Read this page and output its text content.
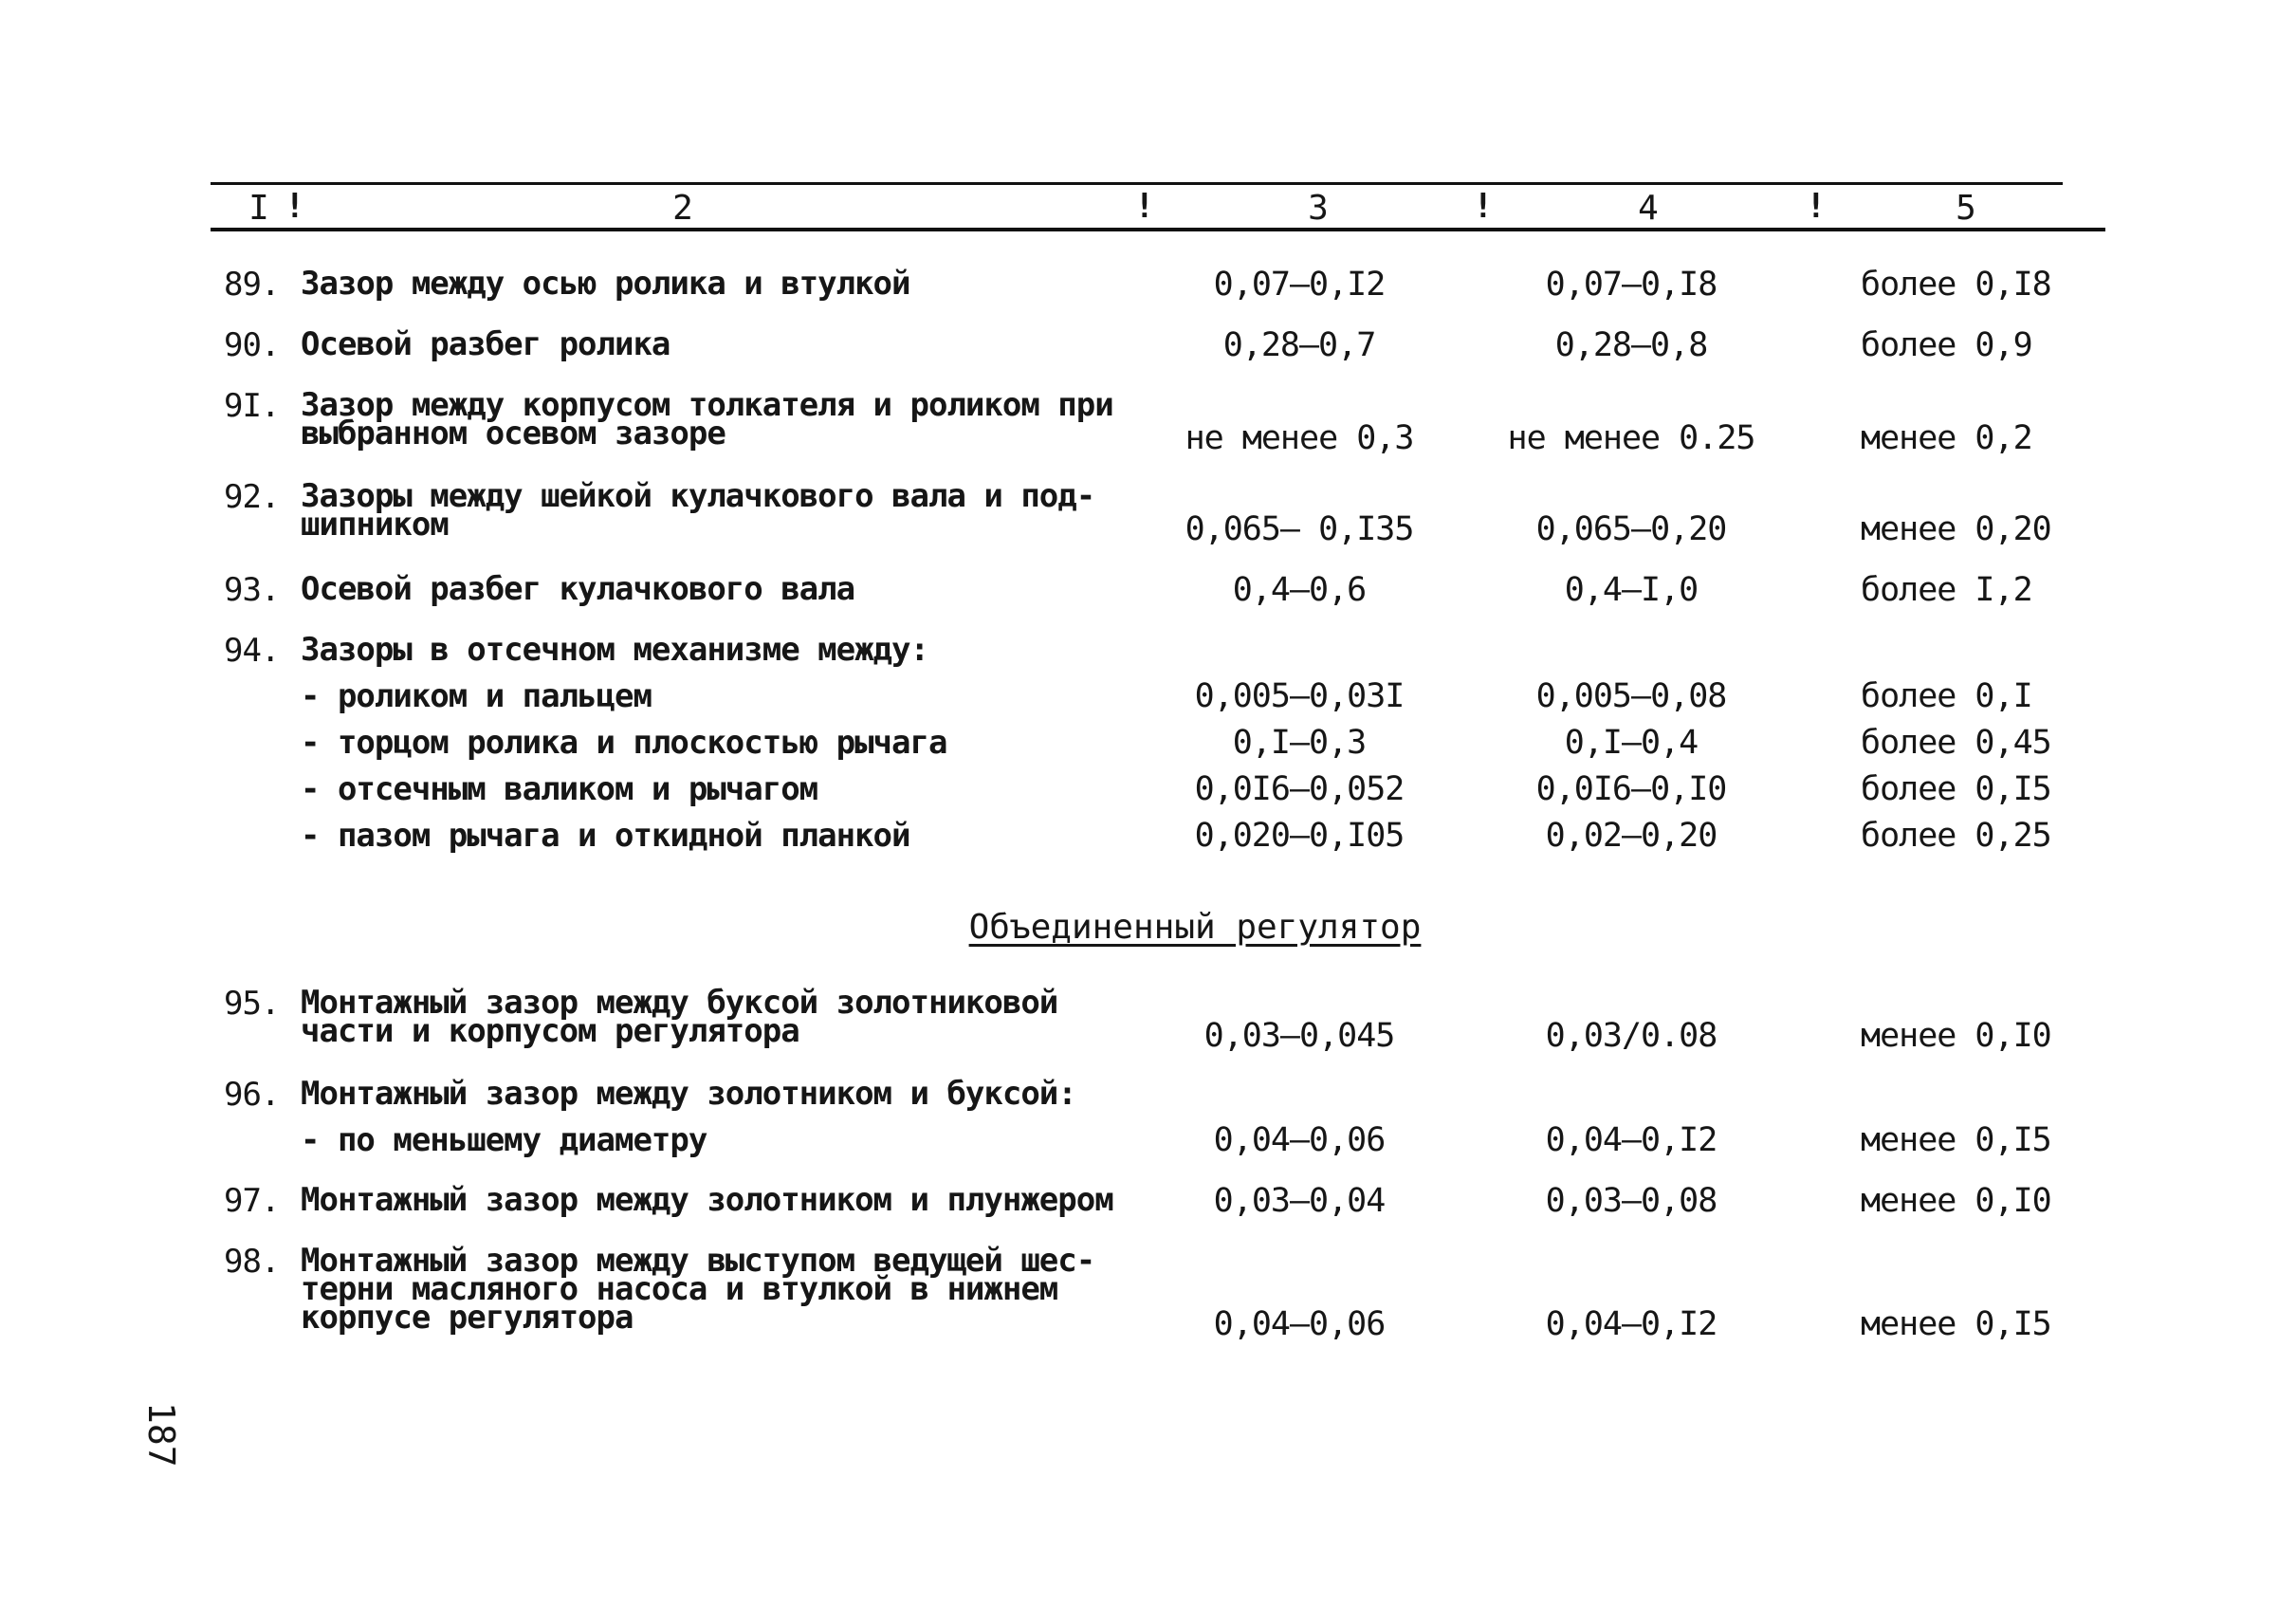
I !	2	!	3	!	4	!	5
89. Зазор между осью ролика и втулкой	0,07–0,I2	0,07–0,I8	более 0,I8
90. Осевой разбег ролика	0,28–0,7	0,28–0,8	более 0,9
9I. Зазор между корпусом толкателя и роликом при
выбранном осевом зазоре	не менее 0,3	не менее 0.25	менее 0,2
92. Зазоры между шейкой кулачкового вала и под-
шипником	0,065– 0,I35	0,065–0,20	менее 0,20
93. Осевой разбег кулачкового вала	0,4–0,6	0,4–I,0	более I,2
94. Зазоры в отсечном механизме между:
- роликом и пальцем	0,005–0,03I	0,005–0,08	более 0,I
- торцом ролика и плоскостью рычага	0,I–0,3	0,I–0,4	более 0,45
- отсечным валиком и рычагом	0,0I6–0,052	0,0I6–0,I0	более 0,I5
- пазом рычага и откидной планкой	0,020–0,I05	0,02–0,20	более 0,25
Объединенный регулятор
95. Монтажный зазор между буксой золотниковой
части и корпусом регулятора	0,03–0,045	0,03/0.08	менее 0,I0
96. Монтажный зазор между золотником и буксой:
- по меньшему диаметру	0,04–0,06	0,04–0,I2	менее 0,I5
97. Монтажный зазор между золотником и плунжером	0,03–0,04	0,03–0,08	менее 0,I0
98. Монтажный зазор между выступом ведущей шес-
терни масляного насоса и втулкой в нижнем
корпусе регулятора	0,04–0,06	0,04–0,I2	менее 0,I5
187
